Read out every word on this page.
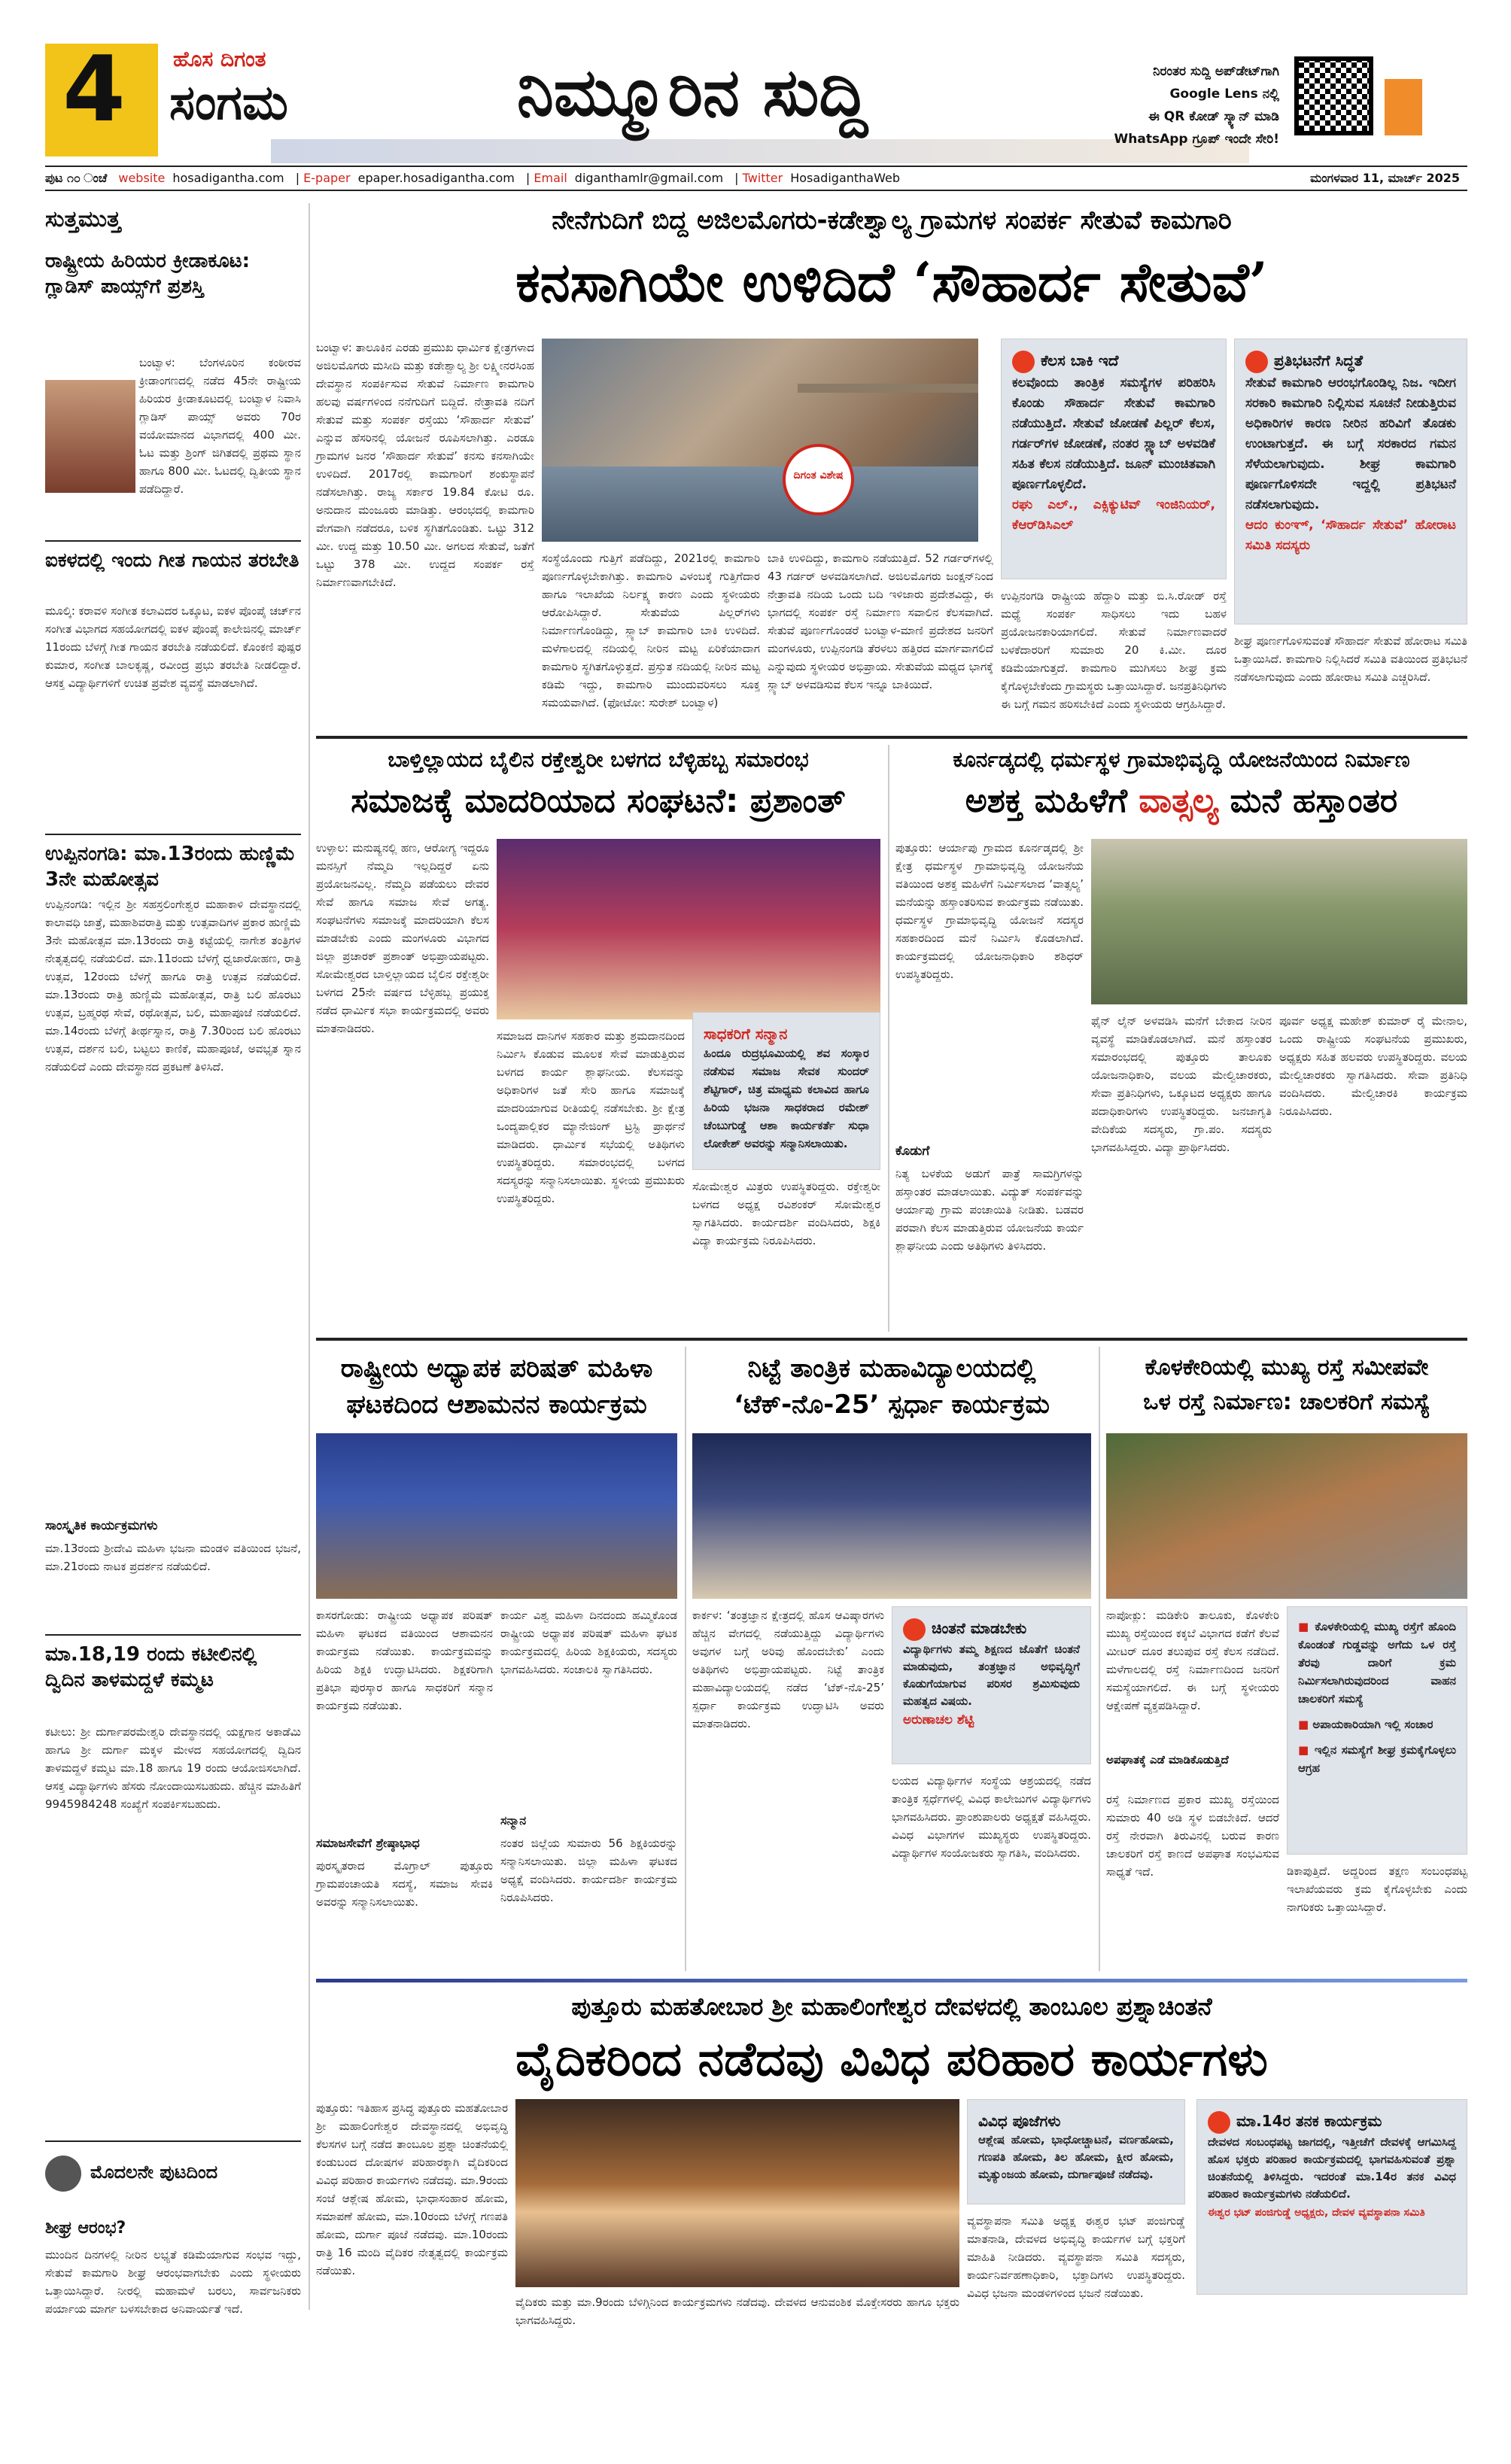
4	ಹೊಸ ದಿಗಂತ
ಸಂಗಮ	ನಿಮ್ಮೂರಿನ ಸುದ್ದಿ	ನಿರಂತರ ಸುದ್ದಿ ಅಪ್‌ಡೇಟ್‌ಗಾಗಿ
Google Lens ನಲ್ಲಿ
ಈ QR ಕೋಡ್ ಸ್ಕ್ಯಾನ್ ಮಾಡಿ
WhatsApp ಗ್ರೂಪ್ ಇಂದೇ ಸೇರಿ!
ಪುಟ ೧೦ ಂಚೆ website hosadigantha.com | E-paper epaper.hosadigantha.com | Email diganthamlr@gmail.com | Twitter HosadiganthaWeb	ಮಂಗಳವಾರ 11, ಮಾರ್ಚ್ 2025
ಸುತ್ತಮುತ್ತ
ರಾಷ್ಟ್ರೀಯ ಹಿರಿಯರ ಕ್ರೀಡಾಕೂಟ: ಗ್ಲಾಡಿಸ್ ಪಾಯ್ಸ್‌ಗೆ ಪ್ರಶಸ್ತಿ
ಬಂಟ್ವಾಳ: ಬೆಂಗಳೂರಿನ ಕಂಠೀರವ ಕ್ರೀಡಾಂಗಣದಲ್ಲಿ ನಡೆದ 45ನೇ ರಾಷ್ಟ್ರೀಯ ಹಿರಿಯರ ಕ್ರೀಡಾಕೂಟದಲ್ಲಿ ಬಂಟ್ವಾಳ ನಿವಾಸಿ ಗ್ಲಾಡಿಸ್ ಪಾಯ್ಸ್ ಅವರು 70ರ ವಯೋಮಾನದ ವಿಭಾಗದಲ್ಲಿ 400 ಮೀ. ಓಟ ಮತ್ತು ಶ್ರಿಂಗ್ ಜಿಗಿತದಲ್ಲಿ ಪ್ರಥಮ ಸ್ಥಾನ ಹಾಗೂ 800 ಮೀ. ಓಟದಲ್ಲಿ ದ್ವಿತೀಯ ಸ್ಥಾನ ಪಡೆದಿದ್ದಾರೆ.
ಐಕಳದಲ್ಲಿ ಇಂದು ಗೀತ ಗಾಯನ ತರಬೇತಿ
ಮೂಲ್ಕಿ: ಕರಾವಳಿ ಸಂಗೀತ ಕಲಾವಿದರ ಒಕ್ಕೂಟ, ಐಕಳ ಪೊಂಪೈ ಚರ್ಚ್‌ನ ಸಂಗೀತ ವಿಭಾಗದ ಸಹಯೋಗದಲ್ಲಿ ಐಕಳ ಪೊಂಪೈ ಕಾಲೇಜಿನಲ್ಲಿ ಮಾರ್ಚ್ 11ರಂದು ಬೆಳಗ್ಗೆ ಗೀತ ಗಾಯನ ತರಬೇತಿ ನಡೆಯಲಿದೆ. ಕೊಂಕಣಿ ಪುಷ್ಪರ ಕುಮಾರ, ಸಂಗೀತ ಬಾಲಕೃಷ್ಣ, ರವೀಂದ್ರ ಪ್ರಭು ತರಬೇತಿ ನೀಡಲಿದ್ದಾರೆ. ಆಸಕ್ತ ವಿದ್ಯಾರ್ಥಿಗಳಿಗೆ ಉಚಿತ ಪ್ರವೇಶ ವ್ಯವಸ್ಥೆ ಮಾಡಲಾಗಿದೆ.
ಉಪ್ಪಿನಂಗಡಿ: ಮಾ.13ರಂದು ಹುಣ್ಣಿಮೆ 3ನೇ ಮಹೋತ್ಸವ
ಉಪ್ಪಿನಂಗಡಿ: ಇಲ್ಲಿನ ಶ್ರೀ ಸಹಸ್ರಲಿಂಗೇಶ್ವರ ಮಹಾಕಾಳಿ ದೇವಸ್ಥಾನದಲ್ಲಿ ಕಾಲಾವಧಿ ಜಾತ್ರೆ, ಮಹಾಶಿವರಾತ್ರಿ ಮತ್ತು ಉತ್ಸವಾದಿಗಳ ಪ್ರಕಾರ ಹುಣ್ಣಿಮೆ 3ನೇ ಮಹೋತ್ಸವ ಮಾ.13ರಂದು ರಾತ್ರಿ ಕಟ್ಟೆಯಲ್ಲಿ ನಾಗೇಶ ತಂತ್ರಿಗಳ ನೇತೃತ್ವದಲ್ಲಿ ನಡೆಯಲಿದೆ. ಮಾ.11ರಂದು ಬೆಳಗ್ಗೆ ಧ್ವಜಾರೋಹಣ, ರಾತ್ರಿ ಉತ್ಸವ, 12ರಂದು ಬೆಳಗ್ಗೆ ಹಾಗೂ ರಾತ್ರಿ ಉತ್ಸವ ನಡೆಯಲಿದೆ. ಮಾ.13ರಂದು ರಾತ್ರಿ ಹುಣ್ಣಿಮೆ ಮಹೋತ್ಸವ, ರಾತ್ರಿ ಬಲಿ ಹೊರಟು ಉತ್ಸವ, ಬ್ರಹ್ಮರಥ ಸೇವೆ, ರಥೋತ್ಸವ, ಬಲಿ, ಮಹಾಪೂಜೆ ನಡೆಯಲಿದೆ. ಮಾ.14ರಂದು ಬೆಳಗ್ಗೆ ತೀರ್ಥಸ್ನಾನ, ರಾತ್ರಿ 7.30ರಿಂದ ಬಲಿ ಹೊರಟು ಉತ್ಸವ, ದರ್ಶನ ಬಲಿ, ಬಟ್ಟಲು ಕಾಣಿಕೆ, ಮಹಾಪೂಜೆ, ಅವಭೃತ ಸ್ನಾನ ನಡೆಯಲಿದೆ ಎಂದು ದೇವಸ್ಥಾನದ ಪ್ರಕಟಣೆ ತಿಳಿಸಿದೆ.
ಸಾಂಸ್ಕೃತಿಕ ಕಾರ್ಯಕ್ರಮಗಳು
ಮಾ.13ರಂದು ಶ್ರೀದೇವಿ ಮಹಿಳಾ ಭಜನಾ ಮಂಡಳಿ ವತಿಯಿಂದ ಭಜನೆ, ಮಾ.21ರಂದು ನಾಟಕ ಪ್ರದರ್ಶನ ನಡೆಯಲಿದೆ.
ಮಾ.18,19 ರಂದು ಕಟೀಲಿನಲ್ಲಿ ದ್ವಿದಿನ ತಾಳಮದ್ದಳೆ ಕಮ್ಮಟ
ಕಟೀಲು: ಶ್ರೀ ದುರ್ಗಾಪರಮೇಶ್ವರಿ ದೇವಸ್ಥಾನದಲ್ಲಿ ಯಕ್ಷಗಾನ ಅಕಾಡೆಮಿ ಹಾಗೂ ಶ್ರೀ ದುರ್ಗಾ ಮಕ್ಕಳ ಮೇಳದ ಸಹಯೋಗದಲ್ಲಿ ದ್ವಿದಿನ ತಾಳಮದ್ದಳೆ ಕಮ್ಮಟ ಮಾ.18 ಹಾಗೂ 19 ರಂದು ಆಯೋಜಿಸಲಾಗಿದೆ. ಆಸಕ್ತ ವಿದ್ಯಾರ್ಥಿಗಳು ಹೆಸರು ನೋಂದಾಯಿಸಬಹುದು. ಹೆಚ್ಚಿನ ಮಾಹಿತಿಗೆ 9945984248 ಸಂಖ್ಯೆಗೆ ಸಂಪರ್ಕಿಸಬಹುದು.
ಮೊದಲನೇ ಪುಟದಿಂದ
ಶೀಘ್ರ ಆರಂಭ?
ಮುಂದಿನ ದಿನಗಳಲ್ಲಿ ನೀರಿನ ಲಭ್ಯತೆ ಕಡಿಮೆಯಾಗುವ ಸಂಭವ ಇದ್ದು, ಸೇತುವೆ ಕಾಮಗಾರಿ ಶೀಘ್ರ ಆರಂಭವಾಗಬೇಕು ಎಂದು ಸ್ಥಳೀಯರು ಒತ್ತಾಯಿಸಿದ್ದಾರೆ. ನೀರಲ್ಲಿ ಮಹಾಮಳೆ ಬರಲು, ಸಾರ್ವಜನಿಕರು ಪರ್ಯಾಯ ಮಾರ್ಗ ಬಳಸಬೇಕಾದ ಅನಿವಾರ್ಯತೆ ಇದೆ.
ನೇನೆಗುದಿಗೆ ಬಿದ್ದ ಅಜಿಲಮೊಗರು-ಕಡೇಶ್ವಾಲ್ಯ ಗ್ರಾಮಗಳ ಸಂಪರ್ಕ ಸೇತುವೆ ಕಾಮಗಾರಿ
ಕನಸಾಗಿಯೇ ಉಳಿದಿದೆ ‘ಸೌಹಾರ್ದ ಸೇತುವೆ’
ಬಂಟ್ವಾಳ: ತಾಲೂಕಿನ ಎರಡು ಪ್ರಮುಖ ಧಾರ್ಮಿಕ ಕ್ಷೇತ್ರಗಳಾದ ಅಜಿಲಮೊಗರು ಮಸೀದಿ ಮತ್ತು ಕಡೇಶ್ವಾಲ್ಯ ಶ್ರೀ ಲಕ್ಷ್ಮೀನರಸಿಂಹ ದೇವಸ್ಥಾನ ಸಂಪರ್ಕಿಸುವ ಸೇತುವೆ ನಿರ್ಮಾಣ ಕಾಮಗಾರಿ ಹಲವು ವರ್ಷಗಳಿಂದ ನನೆಗುದಿಗೆ ಬಿದ್ದಿದೆ. ನೇತ್ರಾವತಿ ನದಿಗೆ ಸೇತುವೆ ಮತ್ತು ಸಂಪರ್ಕ ರಸ್ತೆಯು ‘ಸೌಹಾರ್ದ ಸೇತುವೆ’ ಎನ್ನುವ ಹೆಸರಿನಲ್ಲಿ ಯೋಜನೆ ರೂಪಿಸಲಾಗಿತ್ತು. ಎರಡೂ ಗ್ರಾಮಗಳ ಜನರ ‘ಸೌಹಾರ್ದ ಸೇತುವೆ’ ಕನಸು ಕನಸಾಗಿಯೇ ಉಳಿದಿದೆ. 2017ರಲ್ಲಿ ಕಾಮಗಾರಿಗೆ ಶಂಕುಸ್ಥಾಪನೆ ನಡೆಸಲಾಗಿತ್ತು. ರಾಜ್ಯ ಸರ್ಕಾರ 19.84 ಕೋಟಿ ರೂ. ಅನುದಾನ ಮಂಜೂರು ಮಾಡಿತ್ತು. ಆರಂಭದಲ್ಲಿ ಕಾಮಗಾರಿ ವೇಗವಾಗಿ ನಡೆದರೂ, ಬಳಿಕ ಸ್ಥಗಿತಗೊಂಡಿತು. ಒಟ್ಟು 312 ಮೀ. ಉದ್ದ ಮತ್ತು 10.50 ಮೀ. ಅಗಲದ ಸೇತುವೆ, ಜತೆಗೆ ಒಟ್ಟು 378 ಮೀ. ಉದ್ದದ ಸಂಪರ್ಕ ರಸ್ತೆ ನಿರ್ಮಾಣವಾಗಬೇಕಿದೆ.
ದಿಗಂತ ವಿಶೇಷ
ಸಂಸ್ಥೆಯೊಂದು ಗುತ್ತಿಗೆ ಪಡೆದಿದ್ದು, 2021ರಲ್ಲಿ ಕಾಮಗಾರಿ ಪೂರ್ಣಗೊಳ್ಳಬೇಕಾಗಿತ್ತು. ಕಾಮಗಾರಿ ವಿಳಂಬಕ್ಕೆ ಗುತ್ತಿಗೆದಾರ ಹಾಗೂ ಇಲಾಖೆಯ ನಿರ್ಲಕ್ಷ್ಯ ಕಾರಣ ಎಂದು ಸ್ಥಳೀಯರು ಆರೋಪಿಸಿದ್ದಾರೆ. ಸೇತುವೆಯ ಪಿಲ್ಲರ್‌ಗಳು ನಿರ್ಮಾಣಗೊಂಡಿದ್ದು, ಸ್ಲ್ಯಾಬ್ ಕಾಮಗಾರಿ ಬಾಕಿ ಉಳಿದಿದೆ. ಮಳೆಗಾಲದಲ್ಲಿ ನದಿಯಲ್ಲಿ ನೀರಿನ ಮಟ್ಟ ಏರಿಕೆಯಾದಾಗ ಕಾಮಗಾರಿ ಸ್ಥಗಿತಗೊಳ್ಳುತ್ತದೆ. ಪ್ರಸ್ತುತ ನದಿಯಲ್ಲಿ ನೀರಿನ ಮಟ್ಟ ಕಡಿಮೆ ಇದ್ದು, ಕಾಮಗಾರಿ ಮುಂದುವರಿಸಲು ಸೂಕ್ತ ಸಮಯವಾಗಿದೆ. (ಫೋಟೋ: ಸುರೇಶ್ ಬಂಟ್ವಾಳ)
ಬಾಕಿ ಉಳಿದಿದ್ದು, ಕಾಮಗಾರಿ ನಡೆಯುತ್ತಿದೆ. 52 ಗರ್ಡರ್‌ಗಳಲ್ಲಿ 43 ಗರ್ಡರ್ ಅಳವಡಿಸಲಾಗಿದೆ. ಅಜಿಲಮೊಗರು ಜಂಕ್ಷನ್‌ನಿಂದ ನೇತ್ರಾವತಿ ನದಿಯ ಒಂದು ಬದಿ ಇಳಿಜಾರು ಪ್ರದೇಶವಿದ್ದು, ಈ ಭಾಗದಲ್ಲಿ ಸಂಪರ್ಕ ರಸ್ತೆ ನಿರ್ಮಾಣ ಸವಾಲಿನ ಕೆಲಸವಾಗಿದೆ. ಸೇತುವೆ ಪೂರ್ಣಗೊಂಡರೆ ಬಂಟ್ವಾಳ-ಮಾಣಿ ಪ್ರದೇಶದ ಜನರಿಗೆ ಮಂಗಳೂರು, ಉಪ್ಪಿನಂಗಡಿ ತೆರಳಲು ಹತ್ತಿರದ ಮಾರ್ಗವಾಗಲಿದೆ ಎನ್ನುವುದು ಸ್ಥಳೀಯರ ಅಭಿಪ್ರಾಯ. ಸೇತುವೆಯ ಮಧ್ಯದ ಭಾಗಕ್ಕೆ ಸ್ಲ್ಯಾಬ್ ಅಳವಡಿಸುವ ಕೆಲಸ ಇನ್ನೂ ಬಾಕಿಯಿದೆ.
ಉಪ್ಪಿನಂಗಡಿ ರಾಷ್ಟ್ರೀಯ ಹೆದ್ದಾರಿ ಮತ್ತು ಬಿ.ಸಿ.ರೋಡ್ ರಸ್ತೆ ಮಧ್ಯೆ ಸಂಪರ್ಕ ಸಾಧಿಸಲು ಇದು ಬಹಳ ಪ್ರಯೋಜನಕಾರಿಯಾಗಲಿದೆ. ಸೇತುವೆ ನಿರ್ಮಾಣವಾದರೆ ಬಳಕೆದಾರರಿಗೆ ಸುಮಾರು 20 ಕಿ.ಮೀ. ದೂರ ಕಡಿಮೆಯಾಗುತ್ತದೆ. ಕಾಮಗಾರಿ ಮುಗಿಸಲು ಶೀಘ್ರ ಕ್ರಮ ಕೈಗೊಳ್ಳಬೇಕೆಂದು ಗ್ರಾಮಸ್ಥರು ಒತ್ತಾಯಿಸಿದ್ದಾರೆ. ಜನಪ್ರತಿನಿಧಿಗಳು ಈ ಬಗ್ಗೆ ಗಮನ ಹರಿಸಬೇಕಿದೆ ಎಂದು ಸ್ಥಳೀಯರು ಆಗ್ರಹಿಸಿದ್ದಾರೆ.
ಶೀಘ್ರ ಪೂರ್ಣಗೊಳಿಸುವಂತೆ ಸೌಹಾರ್ದ ಸೇತುವೆ ಹೋರಾಟ ಸಮಿತಿ ಒತ್ತಾಯಿಸಿದೆ. ಕಾಮಗಾರಿ ನಿಲ್ಲಿಸಿದರೆ ಸಮಿತಿ ವತಿಯಿಂದ ಪ್ರತಿಭಟನೆ ನಡೆಸಲಾಗುವುದು ಎಂದು ಹೋರಾಟ ಸಮಿತಿ ಎಚ್ಚರಿಸಿದೆ.
ಕೆಲಸ ಬಾಕಿ ಇದೆ
ಕಲವೊಂದು ತಾಂತ್ರಿಕ ಸಮಸ್ಯೆಗಳ ಪರಿಹರಿಸಿ ಕೊಂಡು ಸೌಹಾರ್ದ ಸೇತುವೆ ಕಾಮಗಾರಿ ನಡೆಯುತ್ತಿದೆ. ಸೇತುವೆ ಜೋಡಣೆ ಪಿಲ್ಲರ್ ಕೆಲಸ, ಗರ್ಡರ್‌ಗಳ ಜೋಡಣೆ, ನಂತರ ಸ್ಲ್ಯಾಬ್ ಅಳವಡಿಕೆ ಸಹಿತ ಕೆಲಸ ನಡೆಯುತ್ತಿದೆ. ಜೂನ್ ಮುಂಚಿತವಾಗಿ ಪೂರ್ಣಗೊಳ್ಳಲಿದೆ.
ರಘು ಎಲ್., ಎಕ್ಸಿಕ್ಯುಟಿವ್ ಇಂಜಿನಿಯರ್, ಕೆಆರ್‌ಡಿಸಿಎಲ್
ಪ್ರತಿಭಟನೆಗೆ ಸಿದ್ಧತೆ
ಸೇತುವೆ ಕಾಮಗಾರಿ ಆರಂಭಗೊಂಡಿಲ್ಲ ನಿಜ. ಇದೀಗ ಸರಕಾರಿ ಕಾಮಗಾರಿ ನಿಲ್ಲಿಸುವ ಸೂಚನೆ ನೀಡುತ್ತಿರುವ ಅಧಿಕಾರಿಗಳ ಕಾರಣ ನೀರಿನ ಹರಿವಿಗೆ ತೊಡಕು ಉಂಟಾಗುತ್ತದೆ. ಈ ಬಗ್ಗೆ ಸರಕಾರದ ಗಮನ ಸೆಳೆಯಲಾಗುವುದು. ಶೀಘ್ರ ಕಾಮಗಾರಿ ಪೂರ್ಣಗೊಳಿಸದೇ ಇದ್ದಲ್ಲಿ ಪ್ರತಿಭಟನೆ ನಡೆಸಲಾಗುವುದು.
ಆದಂ ಕುಂಞ್, ‘ಸೌಹಾರ್ದ ಸೇತುವೆ’ ಹೋರಾಟ ಸಮಿತಿ ಸದಸ್ಯರು
ಬಾಳ್ತಿಲ್ಲಾಯದ ಬೈಲಿನ ರಕ್ತೇಶ್ವರೀ ಬಳಗದ ಬೆಳ್ಳಿಹಬ್ಬ ಸಮಾರಂಭ
ಸಮಾಜಕ್ಕೆ ಮಾದರಿಯಾದ ಸಂಘಟನೆ: ಪ್ರಶಾಂತ್
ಉಳ್ಳಾಲ: ಮನುಷ್ಯನಲ್ಲಿ ಹಣ, ಆರೋಗ್ಯ ಇದ್ದರೂ ಮನಸ್ಸಿಗೆ ನೆಮ್ಮದಿ ಇಲ್ಲದಿದ್ದರೆ ಏನು ಪ್ರಯೋಜನವಿಲ್ಲ. ನೆಮ್ಮದಿ ಪಡೆಯಲು ದೇವರ ಸೇವೆ ಹಾಗೂ ಸಮಾಜ ಸೇವೆ ಅಗತ್ಯ. ಸಂಘಟನೆಗಳು ಸಮಾಜಕ್ಕೆ ಮಾದರಿಯಾಗಿ ಕೆಲಸ ಮಾಡಬೇಕು ಎಂದು ಮಂಗಳೂರು ವಿಭಾಗದ ಜಿಲ್ಲಾ ಪ್ರಚಾರಕ್ ಪ್ರಶಾಂತ್ ಅಭಿಪ್ರಾಯಪಟ್ಟರು. ಸೋಮೇಶ್ವರದ ಬಾಳ್ತಿಲ್ಲಾಯದ ಬೈಲಿನ ರಕ್ತೇಶ್ವರೀ ಬಳಗದ 25ನೇ ವರ್ಷದ ಬೆಳ್ಳಿಹಬ್ಬ ಪ್ರಯುಕ್ತ ನಡೆದ ಧಾರ್ಮಿಕ ಸಭಾ ಕಾರ್ಯಕ್ರಮದಲ್ಲಿ ಅವರು ಮಾತನಾಡಿದರು.
ಸಮಾಜದ ದಾನಿಗಳ ಸಹಕಾರ ಮತ್ತು ಶ್ರಮದಾನದಿಂದ ನಿರ್ಮಿಸಿ ಕೊಡುವ ಮೂಲಕ ಸೇವೆ ಮಾಡುತ್ತಿರುವ ಬಳಗದ ಕಾರ್ಯ ಶ್ಲಾಘನೀಯ. ಕೆಲಸವನ್ನು ಅಧಿಕಾರಿಗಳ ಜತೆ ಸೇರಿ ಹಾಗೂ ಸಮಾಜಕ್ಕೆ ಮಾದರಿಯಾಗುವ ರೀತಿಯಲ್ಲಿ ನಡೆಸಬೇಕು. ಶ್ರೀ ಕ್ಷೇತ್ರ ಒಂದ್ಯಪಾಲ್ಲಿಕರ ಮ್ಯಾನೇಜಿಂಗ್ ಟ್ರಸ್ಟಿ ಪ್ರಾರ್ಥನೆ ಮಾಡಿದರು. ಧಾರ್ಮಿಕ ಸಭೆಯಲ್ಲಿ ಅತಿಥಿಗಳು ಉಪಸ್ಥಿತರಿದ್ದರು. ಸಮಾರಂಭದಲ್ಲಿ ಬಳಗದ ಸದಸ್ಯರನ್ನು ಸನ್ಮಾನಿಸಲಾಯಿತು. ಸ್ಥಳೀಯ ಪ್ರಮುಖರು ಉಪಸ್ಥಿತರಿದ್ದರು.
ಸಾಧಕರಿಗೆ ಸನ್ಮಾನ
ಹಿಂದೂ ರುದ್ರಭೂಮಿಯಲ್ಲಿ ಶವ ಸಂಸ್ಕಾರ ನಡೆಸುವ ಸಮಾಜ ಸೇವಕ ಸುಂದರ್ ಶೆಟ್ಟಿಗಾರ್, ಚಿತ್ರ ಮಾಧ್ಯಮ ಕಲಾವಿದ ಹಾಗೂ ಹಿರಿಯ ಭಜನಾ ಸಾಧಕರಾದ ರಮೇಶ್ ಚೆಂಬುಗುಡ್ಡೆ ಆಶಾ ಕಾರ್ಯಕರ್ತೆ ಸುಧಾ ಲೋಕೇಶ್ ಅವರನ್ನು ಸನ್ಮಾನಿಸಲಾಯಿತು.
ಸೋಮೇಶ್ವರ ಮಿತ್ರರು ಉಪಸ್ಥಿತರಿದ್ದರು. ರಕ್ತೇಶ್ವರೀ ಬಳಗದ ಅಧ್ಯಕ್ಷ ರವಿಶಂಕರ್ ಸೋಮೇಶ್ವರ ಸ್ವಾಗತಿಸಿದರು. ಕಾರ್ಯದರ್ಶಿ ವಂದಿಸಿದರು, ಶಿಕ್ಷಕಿ ವಿದ್ಯಾ ಕಾರ್ಯಕ್ರಮ ನಿರೂಪಿಸಿದರು.
ಕೂರ್ನಡ್ಕದಲ್ಲಿ ಧರ್ಮಸ್ಥಳ ಗ್ರಾಮಾಭಿವೃದ್ಧಿ ಯೋಜನೆಯಿಂದ ನಿರ್ಮಾಣ
ಅಶಕ್ತ ಮಹಿಳೆಗೆ ವಾತ್ಸಲ್ಯ ಮನೆ ಹಸ್ತಾಂತರ
ಪುತ್ತೂರು: ಆರ್ಯಾಪು ಗ್ರಾಮದ ಕೂರ್ನಡ್ಕದಲ್ಲಿ ಶ್ರೀ ಕ್ಷೇತ್ರ ಧರ್ಮಸ್ಥಳ ಗ್ರಾಮಾಭಿವೃದ್ಧಿ ಯೋಜನೆಯ ವತಿಯಿಂದ ಅಶಕ್ತ ಮಹಿಳೆಗೆ ನಿರ್ಮಿಸಲಾದ ‘ವಾತ್ಸಲ್ಯ’ ಮನೆಯನ್ನು ಹಸ್ತಾಂತರಿಸುವ ಕಾರ್ಯಕ್ರಮ ನಡೆಯಿತು. ಧರ್ಮಸ್ಥಳ ಗ್ರಾಮಾಭಿವೃದ್ಧಿ ಯೋಜನೆ ಸದಸ್ಯರ ಸಹಕಾರದಿಂದ ಮನೆ ನಿರ್ಮಿಸಿ ಕೊಡಲಾಗಿದೆ. ಕಾರ್ಯಕ್ರಮದಲ್ಲಿ ಯೋಜನಾಧಿಕಾರಿ ಶಶಿಧರ್ ಉಪಸ್ಥಿತರಿದ್ದರು.
ಕೊಡುಗೆ
ನಿತ್ಯ ಬಳಕೆಯ ಅಡುಗೆ ಪಾತ್ರೆ ಸಾಮಗ್ರಿಗಳನ್ನು ಹಸ್ತಾಂತರ ಮಾಡಲಾಯಿತು. ವಿದ್ಯುತ್ ಸಂಪರ್ಕವನ್ನು ಆರ್ಯಾಪು ಗ್ರಾಮ ಪಂಚಾಯಿತಿ ನೀಡಿತು. ಬಡವರ ಪರವಾಗಿ ಕೆಲಸ ಮಾಡುತ್ತಿರುವ ಯೋಜನೆಯ ಕಾರ್ಯ ಶ್ಲಾಘನೀಯ ಎಂದು ಅತಿಥಿಗಳು ತಿಳಿಸಿದರು.
ಫೈನ್ ಲೈನ್ ಅಳವಡಿಸಿ ಮನೆಗೆ ಬೇಕಾದ ನೀರಿನ ವ್ಯವಸ್ಥೆ ಮಾಡಿಕೊಡಲಾಗಿದೆ. ಮನೆ ಹಸ್ತಾಂತರ ಸಮಾರಂಭದಲ್ಲಿ ಪುತ್ತೂರು ತಾಲೂಕು ಯೋಜನಾಧಿಕಾರಿ, ವಲಯ ಮೇಲ್ವಿಚಾರಕರು, ಸೇವಾ ಪ್ರತಿನಿಧಿಗಳು, ಒಕ್ಕೂಟದ ಅಧ್ಯಕ್ಷರು ಹಾಗೂ ಪದಾಧಿಕಾರಿಗಳು ಉಪಸ್ಥಿತರಿದ್ದರು. ಜನಜಾಗೃತಿ ವೇದಿಕೆಯ ಸದಸ್ಯರು, ಗ್ರಾ.ಪಂ. ಸದಸ್ಯರು ಭಾಗವಹಿಸಿದ್ದರು. ವಿದ್ಯಾ ಪ್ರಾರ್ಥಿಸಿದರು.
ಪೂರ್ವ ಅಧ್ಯಕ್ಷ ಮಹೇಶ್ ಕುಮಾರ್ ರೈ ಮೇನಾಲ, ಒಂದು ರಾಷ್ಟ್ರೀಯ ಸಂಘಟನೆಯ ಪ್ರಮುಖರು, ಅಧ್ಯಕ್ಷರು ಸಹಿತ ಹಲವರು ಉಪಸ್ಥಿತರಿದ್ದರು. ವಲಯ ಮೇಲ್ವಿಚಾರಕರು ಸ್ವಾಗತಿಸಿದರು. ಸೇವಾ ಪ್ರತಿನಿಧಿ ವಂದಿಸಿದರು. ಮೇಲ್ವಿಚಾರಕಿ ಕಾರ್ಯಕ್ರಮ ನಿರೂಪಿಸಿದರು.
ರಾಷ್ಟ್ರೀಯ ಅಧ್ಯಾಪಕ ಪರಿಷತ್ ಮಹಿಳಾ
ಘಟಕದಿಂದ ಆಶಾಮನನ ಕಾರ್ಯಕ್ರಮ
ಕಾಸರಗೋಡು: ರಾಷ್ಟ್ರೀಯ ಅಧ್ಯಾಪಕ ಪರಿಷತ್ ಮಹಿಳಾ ಘಟಕದ ವತಿಯಿಂದ ಆಶಾಮನನ ಕಾರ್ಯಕ್ರಮ ನಡೆಯಿತು. ಕಾರ್ಯಕ್ರಮವನ್ನು ಹಿರಿಯ ಶಿಕ್ಷಕಿ ಉದ್ಘಾಟಿಸಿದರು. ಶಿಕ್ಷಕರಿಗಾಗಿ ಪ್ರತಿಭಾ ಪುರಸ್ಕಾರ ಹಾಗೂ ಸಾಧಕರಿಗೆ ಸನ್ಮಾನ ಕಾರ್ಯಕ್ರಮ ನಡೆಯಿತು.
ಸಮಾಜಸೇವೆಗೆ ಶ್ರೇಷ್ಠಾಭಾಧ
ಪುರಸ್ಕೃತರಾದ ಮೊಗ್ರಾಲ್ ಪುತ್ತೂರು ಗ್ರಾಮಪಂಚಾಯತಿ ಸದಸ್ಯೆ, ಸಮಾಜ ಸೇವಕಿ ಅವರನ್ನು ಸನ್ಮಾನಿಸಲಾಯಿತು.
ಕಾರ್ಯ ವಿಶ್ವ ಮಹಿಳಾ ದಿನದಂದು ಹಮ್ಮಿಕೊಂಡ ರಾಷ್ಟ್ರೀಯ ಅಧ್ಯಾಪಕ ಪರಿಷತ್ ಮಹಿಳಾ ಘಟಕ ಕಾರ್ಯಕ್ರಮದಲ್ಲಿ ಹಿರಿಯ ಶಿಕ್ಷಕಿಯರು, ಸದಸ್ಯರು ಭಾಗವಹಿಸಿದರು. ಸಂಚಾಲಕಿ ಸ್ವಾಗತಿಸಿದರು.
ಸನ್ಮಾನ
ನಂತರ ಜಿಲ್ಲೆಯ ಸುಮಾರು 56 ಶಿಕ್ಷಕಿಯರನ್ನು ಸನ್ಮಾನಿಸಲಾಯಿತು. ಜಿಲ್ಲಾ ಮಹಿಳಾ ಘಟಕದ ಅಧ್ಯಕ್ಷೆ ವಂದಿಸಿದರು. ಕಾರ್ಯದರ್ಶಿ ಕಾರ್ಯಕ್ರಮ ನಿರೂಪಿಸಿದರು.
ನಿಟ್ಟೆ ತಾಂತ್ರಿಕ ಮಹಾವಿದ್ಯಾಲಯದಲ್ಲಿ
‘ಟೆಕ್-ನೊ-25’ ಸ್ಪರ್ಧಾ ಕಾರ್ಯಕ್ರಮ
ಕಾರ್ಕಳ: ‘ತಂತ್ರಜ್ಞಾನ ಕ್ಷೇತ್ರದಲ್ಲಿ ಹೊಸ ಆವಿಷ್ಕಾರಗಳು ಹೆಚ್ಚಿನ ವೇಗದಲ್ಲಿ ನಡೆಯುತ್ತಿದ್ದು ವಿದ್ಯಾರ್ಥಿಗಳು ಅವುಗಳ ಬಗ್ಗೆ ಅರಿವು ಹೊಂದಬೇಕು’ ಎಂದು ಅತಿಥಿಗಳು ಅಭಿಪ್ರಾಯಪಟ್ಟರು. ನಿಟ್ಟೆ ತಾಂತ್ರಿಕ ಮಹಾವಿದ್ಯಾಲಯದಲ್ಲಿ ನಡೆದ ‘ಟೆಕ್-ನೊ-25’ ಸ್ಪರ್ಧಾ ಕಾರ್ಯಕ್ರಮ ಉದ್ಘಾಟಿಸಿ ಅವರು ಮಾತನಾಡಿದರು.
ಚಿಂತನೆ ಮಾಡಬೇಕು
ವಿದ್ಯಾರ್ಥಿಗಳು ತಮ್ಮ ಶಿಕ್ಷಣದ ಜೊತೆಗೆ ಚಿಂತನೆ ಮಾಡುವುದು, ತಂತ್ರಜ್ಞಾನ ಅಭಿವೃದ್ಧಿಗೆ ಕೊಡುಗೆಯಾಗುವ ಪರಿಸರ ಶ್ರಮಿಸುವುದು ಮಹತ್ವದ ವಿಷಯ.
ಅರುಣಾಚಲ ಶೆಟ್ಟಿ
ಲಯದ ವಿದ್ಯಾರ್ಥಿಗಳ ಸಂಸ್ಥೆಯ ಆಶ್ರಯದಲ್ಲಿ ನಡೆದ ತಾಂತ್ರಿಕ ಸ್ಪರ್ಧೆಗಳಲ್ಲಿ ವಿವಿಧ ಕಾಲೇಜುಗಳ ವಿದ್ಯಾರ್ಥಿಗಳು ಭಾಗವಹಿಸಿದರು. ಪ್ರಾಂಶುಪಾಲರು ಅಧ್ಯಕ್ಷತೆ ವಹಿಸಿದ್ದರು. ವಿವಿಧ ವಿಭಾಗಗಳ ಮುಖ್ಯಸ್ಥರು ಉಪಸ್ಥಿತರಿದ್ದರು. ವಿದ್ಯಾರ್ಥಿಗಳ ಸಂಯೋಜಕರು ಸ್ವಾಗತಿಸಿ, ವಂದಿಸಿದರು.
ಕೊಳಕೇರಿಯಲ್ಲಿ ಮುಖ್ಯ ರಸ್ತೆ ಸಮೀಪವೇ
ಒಳ ರಸ್ತೆ ನಿರ್ಮಾಣ: ಚಾಲಕರಿಗೆ ಸಮಸ್ಯೆ
ನಾಪೋಕ್ಲು: ಮಡಿಕೇರಿ ತಾಲೂಕು, ಕೊಳಕೇರಿ ಮುಖ್ಯ ರಸ್ತೆಯಿಂದ ಕಕ್ಕಬೆ ವಿಭಾಗದ ಕಡೆಗೆ ಕೆಲವೆ ಮೀಟರ್ ದೂರ ತಲುಪುವ ರಸ್ತೆ ಕೆಲಸ ನಡೆದಿದೆ. ಮಳೆಗಾಲದಲ್ಲಿ ರಸ್ತೆ ನಿರ್ಮಾಣದಿಂದ ಜನರಿಗೆ ಸಮಸ್ಯೆಯಾಗಲಿದೆ. ಈ ಬಗ್ಗೆ ಸ್ಥಳೀಯರು ಆಕ್ಷೇಪಣೆ ವ್ಯಕ್ತಪಡಿಸಿದ್ದಾರೆ.
ಅಪಘಾತಕ್ಕೆ ಎಡೆ ಮಾಡಿಕೊಡುತ್ತಿದೆ
ರಸ್ತೆ ನಿರ್ಮಾಣದ ಪ್ರಕಾರ ಮುಖ್ಯ ರಸ್ತೆಯಿಂದ ಸುಮಾರು 40 ಅಡಿ ಸ್ಥಳ ಬಿಡಬೇಕಿದೆ. ಆದರೆ ರಸ್ತೆ ನೇರವಾಗಿ ತಿರುವಿನಲ್ಲಿ ಬರುವ ಕಾರಣ ಚಾಲಕರಿಗೆ ರಸ್ತೆ ಕಾಣದೆ ಅಪಘಾತ ಸಂಭವಿಸುವ ಸಾಧ್ಯತೆ ಇದೆ.
■ ಕೊಳಕೇರಿಯಲ್ಲಿ ಮುಖ್ಯ ರಸ್ತೆಗೆ ಹೊಂದಿ ಕೊಂಡಂತೆ ಗುಡ್ಡವನ್ನು ಅಗೆದು ಒಳ ರಸ್ತೆ ತೆರವು ದಾರಿಗೆ ಕ್ರಮ ನಿರ್ಮಿಸಲಾಗಿರುವುದರಿಂದ ವಾಹನ ಚಾಲಕರಿಗೆ ಸಮಸ್ಯೆ
■ ಅಪಾಯಕಾರಿಯಾಗಿ ಇಲ್ಲಿ ಸಂಚಾರ
■ ಇಲ್ಲಿನ ಸಮಸ್ಯೆಗೆ ಶೀಘ್ರ ಕ್ರಮಕೈಗೊಳ್ಳಲು ಆಗ್ರಹ
ಡಿಕಾಪುತ್ತಿದೆ. ಅದ್ದರಿಂದ ತಕ್ಷಣ ಸಂಬಂಧಪಟ್ಟ ಇಲಾಖೆಯವರು ಕ್ರಮ ಕೈಗೊಳ್ಳಬೇಕು ಎಂದು ನಾಗರಿಕರು ಒತ್ತಾಯಿಸಿದ್ದಾರೆ.
ಪುತ್ತೂರು ಮಹತೋಬಾರ ಶ್ರೀ ಮಹಾಲಿಂಗೇಶ್ವರ ದೇವಳದಲ್ಲಿ ತಾಂಬೂಲ ಪ್ರಶ್ನಾಚಿಂತನೆ
ವೈದಿಕರಿಂದ ನಡೆದವು ವಿವಿಧ ಪರಿಹಾರ ಕಾರ್ಯಗಳು
ಪುತ್ತೂರು: ಇತಿಹಾಸ ಪ್ರಸಿದ್ಧ ಪುತ್ತೂರು ಮಹತೋಬಾರ ಶ್ರೀ ಮಹಾಲಿಂಗೇಶ್ವರ ದೇವಸ್ಥಾನದಲ್ಲಿ ಅಭಿವೃದ್ಧಿ ಕೆಲಸಗಳ ಬಗ್ಗೆ ನಡೆದ ತಾಂಬೂಲ ಪ್ರಶ್ನಾ ಚಿಂತನೆಯಲ್ಲಿ ಕಂಡುಬಂದ ದೋಷಗಳ ಪರಿಹಾರಕ್ಕಾಗಿ ವೈದಿಕರಿಂದ ವಿವಿಧ ಪರಿಹಾರ ಕಾರ್ಯಗಳು ನಡೆದವು. ಮಾ.9ರಂದು ಸಂಜೆ ಆಶ್ಲೇಷ ಹೋಮ, ಭಾಧಾಸಂಹಾರ ಹೋಮ, ಸಮಾಪಣೆ ಹೋಮ, ಮಾ.10ರಂದು ಬೆಳಗ್ಗೆ ಗಣಪತಿ ಹೋಮ, ದುರ್ಗಾ ಪೂಜೆ ನಡೆದವು. ಮಾ.10ರಂದು ರಾತ್ರಿ 16 ಮಂದಿ ವೈದಿಕರ ನೇತೃತ್ವದಲ್ಲಿ ಕಾರ್ಯಕ್ರಮ ನಡೆಯಿತು.
ವಿವಿಧ ಪೂಜೆಗಳು
ಆಶ್ಲೇಷ ಹೋಮ, ಭಾಧೋಚ್ಚಾಟನೆ, ವರ್ಣಹೋಮ, ಗಣಪತಿ ಹೋಮ, ತಿಲ ಹೋಮ, ಕ್ಷೀರ ಹೋಮ, ಮೃತ್ಯುಂಜಯ ಹೋಮ, ದುರ್ಗಾಪೂಜೆ ನಡೆದವು.
ವ್ಯವಸ್ಥಾಪನಾ ಸಮಿತಿ ಅಧ್ಯಕ್ಷ ಈಶ್ವರ ಭಟ್ ಪಂಜಿಗುಡ್ಡೆ ಮಾತನಾಡಿ, ದೇವಳದ ಅಭಿವೃದ್ಧಿ ಕಾರ್ಯಗಳ ಬಗ್ಗೆ ಭಕ್ತರಿಗೆ ಮಾಹಿತಿ ನೀಡಿದರು. ವ್ಯವಸ್ಥಾಪನಾ ಸಮಿತಿ ಸದಸ್ಯರು, ಕಾರ್ಯನಿರ್ವಹಣಾಧಿಕಾರಿ, ಭಕ್ತಾದಿಗಳು ಉಪಸ್ಥಿತರಿದ್ದರು. ವಿವಿಧ ಭಜನಾ ಮಂಡಳಿಗಳಿಂದ ಭಜನೆ ನಡೆಯಿತು.
ಮಾ.14ರ ತನಕ ಕಾರ್ಯಕ್ರಮ
ದೇವಳದ ಸಂಬಂಧಪಟ್ಟ ಜಾಗದಲ್ಲಿ, ಇತ್ತೀಚೆಗೆ ದೇವಳಕ್ಕೆ ಆಗಮಿಸಿದ್ದ ಹೊಸ ಭಕ್ತರು ಪರಿಹಾರ ಕಾರ್ಯಕ್ರಮದಲ್ಲಿ ಭಾಗವಹಿಸುವಂತೆ ಪ್ರಶ್ನಾ ಚಿಂತನೆಯಲ್ಲಿ ತಿಳಿಸಿದ್ದರು. ಇದರಂತೆ ಮಾ.14ರ ತನಕ ವಿವಿಧ ಪರಿಹಾರ ಕಾರ್ಯಕ್ರಮಗಳು ನಡೆಯಲಿದೆ.
ಈಶ್ವರ ಭಟ್ ಪಂಜಿಗುಡ್ಡೆ ಅಧ್ಯಕ್ಷರು, ದೇವಳ ವ್ಯವಸ್ಥಾಪನಾ ಸಮಿತಿ
ವೈದಿಕರು ಮತ್ತು ಮಾ.9ರಂದು ಬೆಳಿಗ್ಗಿನಿಂದ ಕಾರ್ಯಕ್ರಮಗಳು ನಡೆದವು. ದೇವಳದ ಆನುವಂಶಿಕ ಮೊಕ್ತೇಸರರು ಹಾಗೂ ಭಕ್ತರು ಭಾಗವಹಿಸಿದ್ದರು.
